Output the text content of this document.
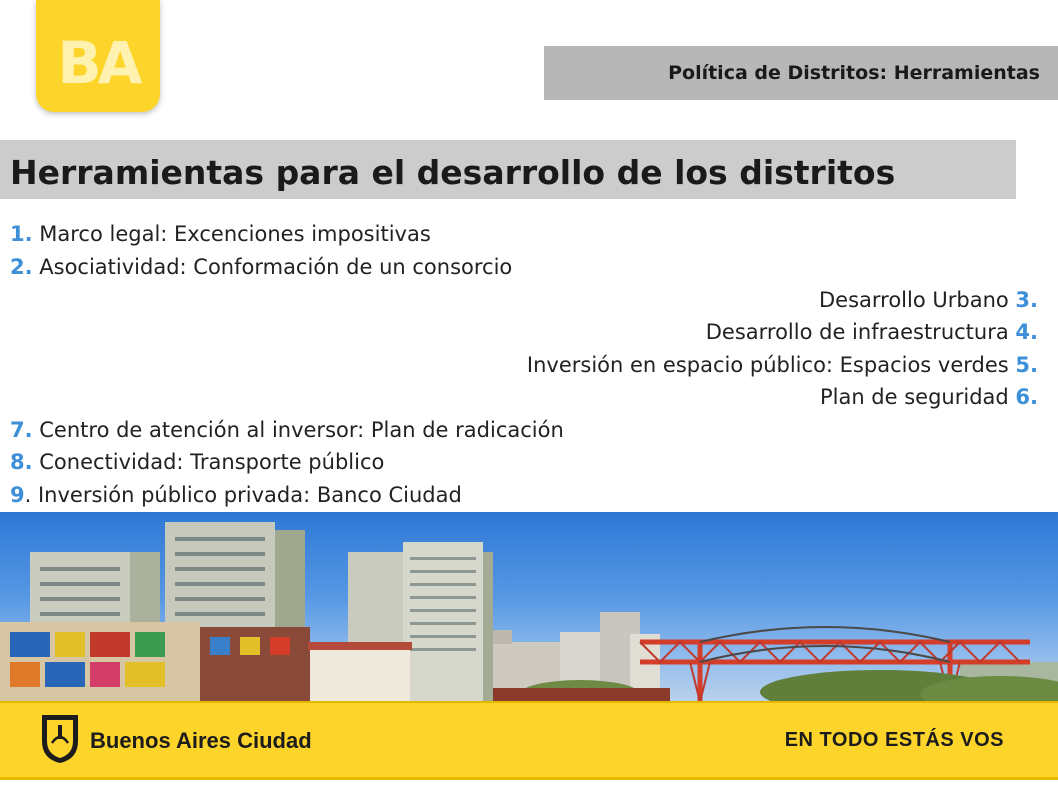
BA	Política de Distritos: Herramientas
Herramientas para el desarrollo de los distritos
1. Marco legal: Excenciones impositivas
2. Asociatividad: Conformación de un consorcio
Desarrollo Urbano 3.
Desarrollo de infraestructura 4.
Inversión en espacio público: Espacios verdes 5.
Plan de seguridad 6.
7. Centro de atención al inversor: Plan de radicación
8. Conectividad: Transporte público
9. Inversión público privada: Banco Ciudad
Buenos Aires Ciudad	EN TODO ESTÁS VOS
